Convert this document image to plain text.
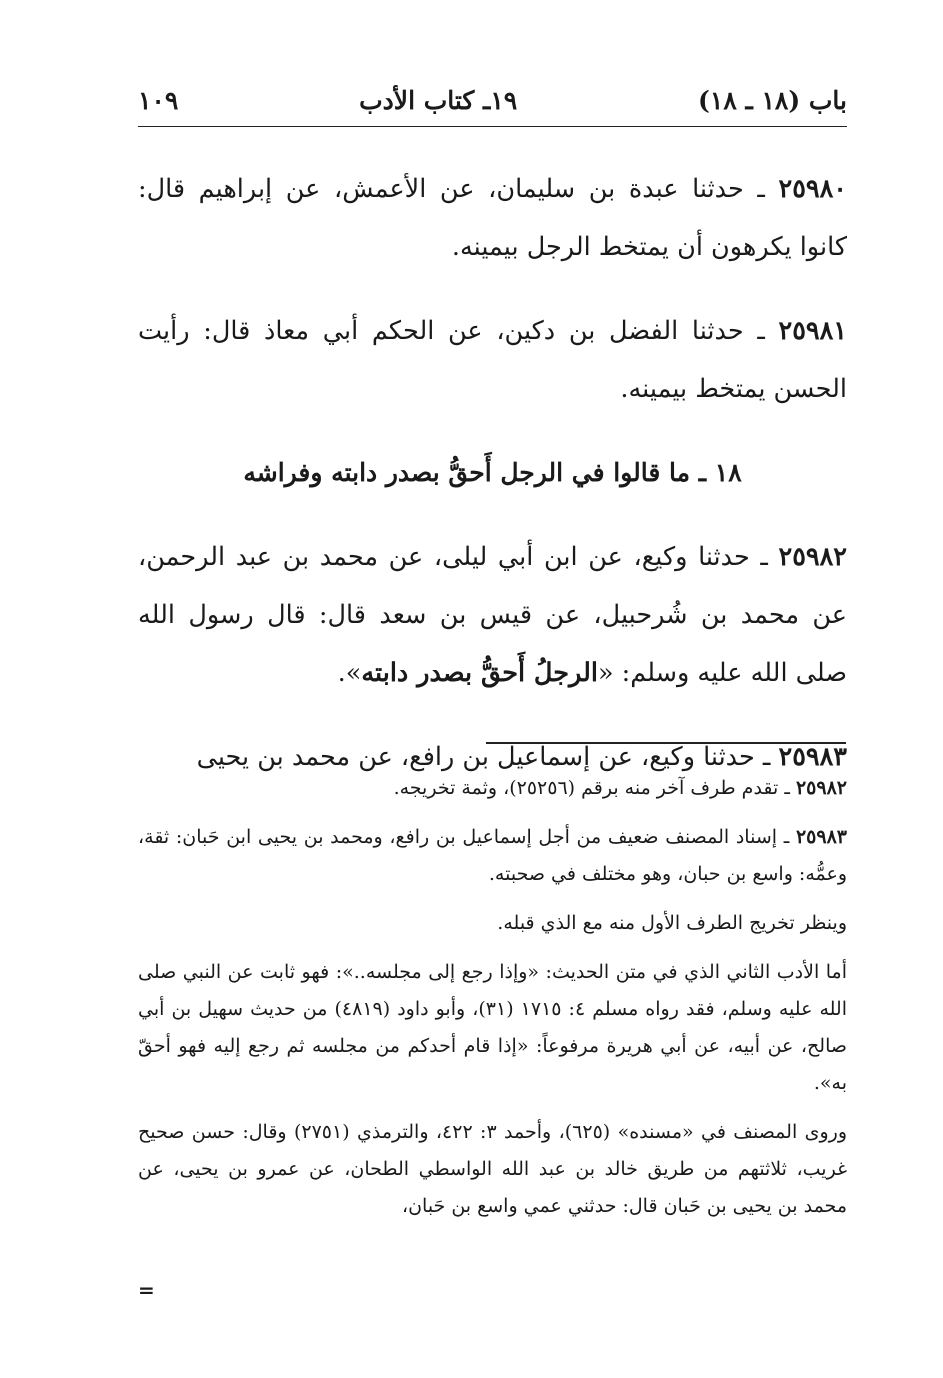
باب (١٨ ـ ١٨)
١٩ـ كتاب الأدب
١٠٩

٢٥٩٨٠ ـ حدثنا عبدة بن سليمان، عن الأعمش، عن إبراهيم قال: كانوا يكرهون أن يمتخط الرجل بيمينه.

٢٥٩٨١ ـ حدثنا الفضل بن دكين، عن الحكم أبي معاذ قال: رأيت الحسن يمتخط بيمينه.

١٨ ـ ما قالوا في الرجل أَحقُّ بصدر دابته وفراشه

٢٥٩٨٢ ـ حدثنا وكيع، عن ابن أبي ليلى، عن محمد بن عبد الرحمن، عن محمد بن شُرحبيل، عن قيس بن سعد قال: قال رسول الله صلى الله عليه وسلم: «الرجلُ أَحقُّ بصدر دابته».

٢٥٩٨٣ ـ حدثنا وكيع، عن إسماعيل بن رافع، عن محمد بن يحيى

٢٥٩٨٢ ـ تقدم طرف آخر منه برقم (٢٥٢٥٦)، وثمة تخريجه.

٢٥٩٨٣ ـ إسناد المصنف ضعيف من أجل إسماعيل بن رافع، ومحمد بن يحيى ابن حَبان: ثقة، وعمُّه: واسع بن حبان، وهو مختلف في صحبته.

وينظر تخريج الطرف الأول منه مع الذي قبله.

أما الأدب الثاني الذي في متن الحديث: «وإذا رجع إلى مجلسه..»: فهو ثابت عن النبي صلى الله عليه وسلم، فقد رواه مسلم ٤: ١٧١٥ (٣١)، وأبو داود (٤٨١٩) من حديث سهيل بن أبي صالح، عن أبيه، عن أبي هريرة مرفوعاً: «إذا قام أحدكم من مجلسه ثم رجع إليه فهو أحقّ به».

وروى المصنف في «مسنده» (٦٢٥)، وأحمد ٣: ٤٢٢، والترمذي (٢٧٥١) وقال: حسن صحيح غريب، ثلاثتهم من طريق خالد بن عبد الله الواسطي الطحان، عن عمرو بن يحيى، عن محمد بن يحيى بن حَبان قال: حدثني عمي واسع بن حَبان،

=
